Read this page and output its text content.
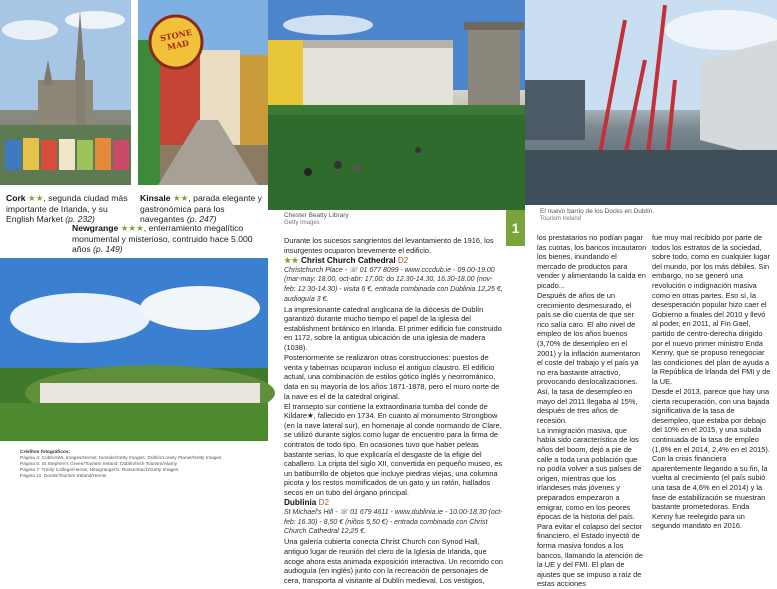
STONE MAD
Chester Beatty Library
Getty Images
El nuevo barrio de los Docks en Dublín.
Tourism Ireland
Cork ★★, segunda ciudad más importante de Irlanda, y su English Market (p. 232)
Kinsale ★★, parada elegante y gastronómica para los navegantes (p. 247)
Newgrange ★★★, enterramiento megalítico monumental y misterioso, contruido hace 5.000 años (p. 149)
1

Durante los sucesos sangrientos del levantamiento de 1916, los insurgentes ocuparon brevemente el edificio.

★★ Christ Church Cathedral D2

Christchurch Place - ☏ 01 677 8099 - www.cccdub.ie - 09.00-19.00 (mar-may: 18.00, oct-abr: 17.00; do 12.30-14.30, 16.30-18.00 (nov-feb: 12.30-14.30) - visita 6 €, entrada combinada con Dublinia 12,25 €, audioguía 3 €.

La impresionante catedral anglicana de la diócesis de Dublín garantizó durante mucho tiempo el papel de la iglesia del establishment británico en Irlanda. El primer edificio fue construido en 1172, sobre la antigua ubicación de una iglesia de madera (1038).

Posteriormente se realizaron otras construcciones: puestos de venta y tabernas ocuparon incluso el antiguo claustro. El edificio actual, una combinación de estilos gótico inglés y neorrománico, data en su mayoría de los años 1871-1878, pero el muro norte de la nave es el de la catedral original.

El transepto sur contiene la extraordinaria tumba del conde de Kildare★, fallecido en 1734. En cuanto al monumento Strongbow (en la nave lateral sur), en homenaje al conde normando de Clare, se utilizó durante siglos como lugar de encuentro para la firma de contratos de todo tipo. En ocasiones tuvo que haber peleas bastante serias, lo que explicaría el desgaste de la efigie del caballero. La cripta del siglo XII, convertida en pequeño museo, es un batiburrillo de objetos que incluye piedras viejas, una columna picota y los restos momificados de un gato y un ratón, hallados secos en un tubo del órgano principal.

Dublinia D2

St Michael's Hill - ☏ 01 679 4611 - www.dublinia.ie - 10.00-18.30 (oct-feb: 16.30) - 8,50 € (niños 5,50 €) - entrada combinada con Christ Church Cathedral 12,25 €.

Una galería cubierta conecta Christ Church con Synod Hall, antiguo lugar de reunión del clero de la Iglesia de Irlanda, que acoge ahora esta animada exposición interactiva. Un recorrido con audioguía (en inglés) junto con la recreación de personajes de cera, transporta al visitante al Dublín medieval. Los vestigios,

los prestatarios no podían pagar las cuotas, los bancos incautaron los bienes, inundando el mercado de productos para vender y alimentando la caída en picado...

Después de años de un crecimiento desmesurado, el país se dio cuenta de que ser rico salía caro. El alto nivel de empleo de los años buenos (3,70% de desempleo en el 2001) y la inflación aumentaron el coste del trabajo y el país ya no era bastante atractivo, provocando deslocalizaciones. Así, la tasa de desempleo en mayo del 2011 llegaba al 15%, después de tres años de recesión.

La inmigración masiva, que había sido característica de los años del boom, dejó a pie de calle a toda una población que no podía volver a sus países de origen, mientras que los irlandeses más jóvenes y preparados empezaron a emigrar, como en los peores épocas de la historia del país. Para evitar el colapso del sector financiero, el Estado inyectó de forma masiva fondos a los bancos, llamando la atención de la UE y del FMI. El plan de ajustes que se impuso a raíz de estas acciones

fue muy mal recibido por parte de todos los estratos de la sociedad, sobre todo, como en cualquier lugar del mundo, por los más débiles. Sin embargo, no se generó una revolución o indignación masiva como en otras partes. Eso sí, la desesperación popular hizo caer el Gobierno a finales del 2010 y llevó al poder, en 2011, al Fin Gael, partido de centro-derecha dirigido por el nuevo primer ministro Enda Kenny, que se propuso renegociar las condiciones del plan de ayuda a la República de Irlanda del FMI y de la UE.

Desde el 2013, parece que hay una cierta recuperación, con una bajada significativa de la tasa de desempleo, que estaba por debajo del 10% en el 2015, y una subida continuada de la tasa de empleo (1,8% en el 2014, 2,4% en el 2015). Con la crisis financiera aparentemente llegando a su fin, la vuelta al crecimiento (el país subió una tasa de 4,6% en el 2014) y la fase de estabilización se muestran bastante prometedoras. Enda Kenny fue reelegido para un segundo mandato en 2016.

Créditos fotográficos:
Página 4: Cobh/AWL Images/Hemis; Kinsale/Getty Images; Dublín/Lonely Planet/Getty Images
Página 5: St Stephen's Green/Tourism Ireland; Dublín/Irish Tourism/Alamy
Página 7: Trinity College/Hemis; Newgrange/G. Rossenbach/Getty Images
Página 11: Docks/Tourism Ireland/Hemis
